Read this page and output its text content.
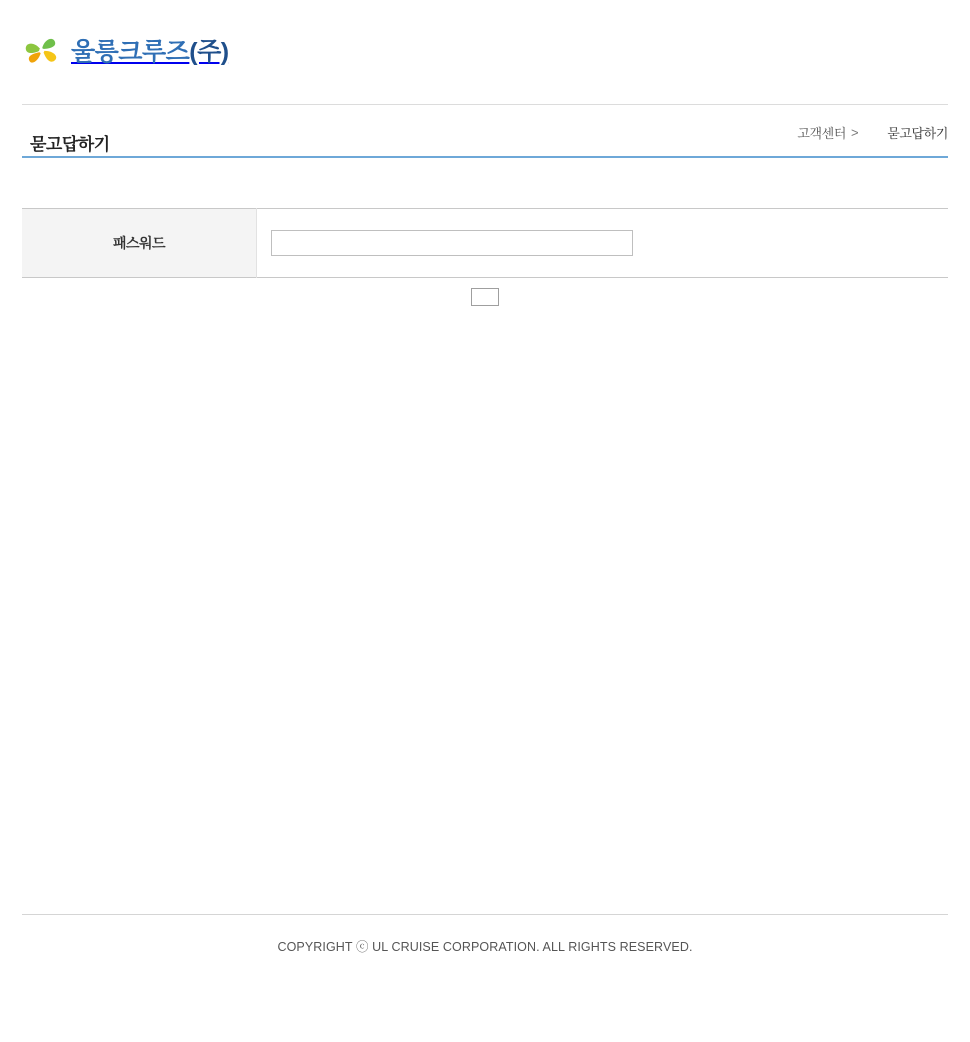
울릉크루즈(주)
묻고답하기
고객센터 > 묻고답하기
패스워드	
COPYRIGHT ⓒ UL CRUISE CORPORATION. ALL RIGHTS RESERVED.
